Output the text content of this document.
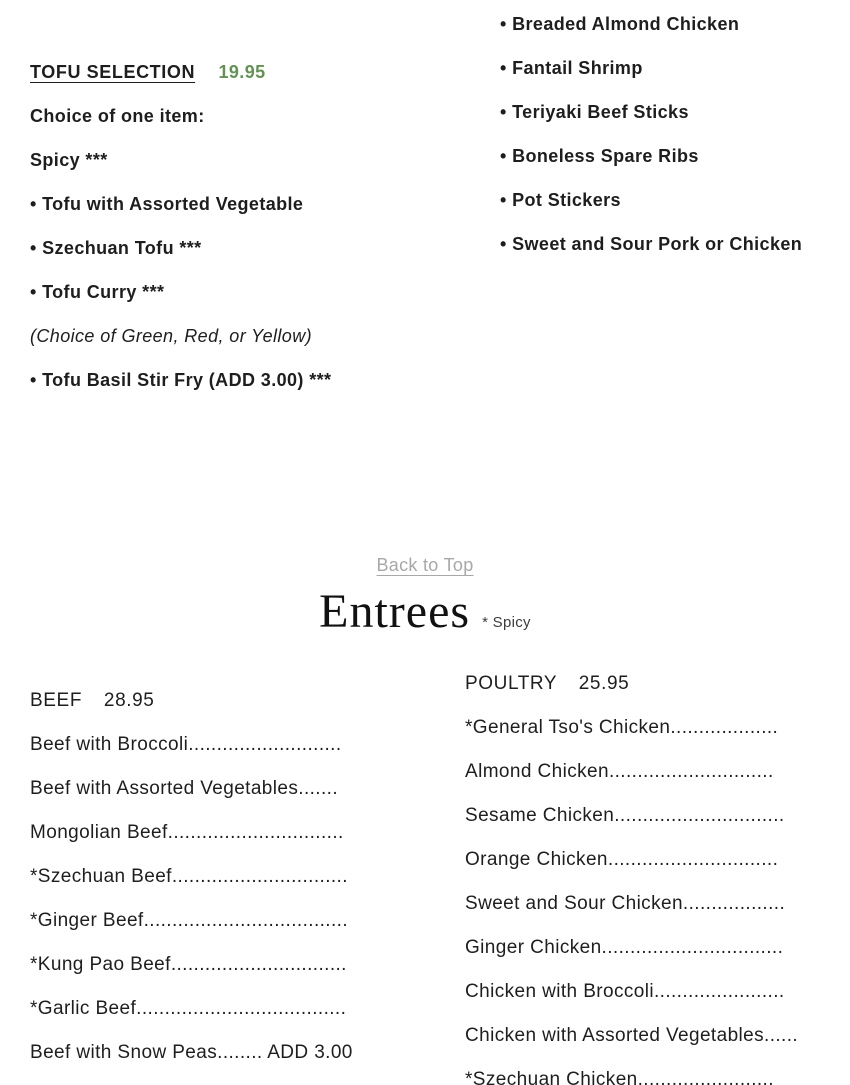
TOFU SELECTION 19.95

Choice of one item:

Spicy ***

• Tofu with Assorted Vegetable

• Szechuan Tofu ***

• Tofu Curry ***

(Choice of Green, Red, or Yellow)

• Tofu Basil Stir Fry (ADD 3.00) ***

• Breaded Almond Chicken

• Fantail Shrimp

• Teriyaki Beef Sticks

• Boneless Spare Ribs

• Pot Stickers

• Sweet and Sour Pork or Chicken

Back to Top
Entrees * Spicy

BEEF 28.95

Beef with Broccoli...........................

Beef with Assorted Vegetables.......

Mongolian Beef...............................

*Szechuan Beef...............................

*Ginger Beef....................................

*Kung Pao Beef...............................

*Garlic Beef.....................................

Beef with Snow Peas........ ADD 3.00

POULTRY 25.95

*General Tso's Chicken...................

Almond Chicken.............................

Sesame Chicken..............................

Orange Chicken..............................

Sweet and Sour Chicken..................

Ginger Chicken................................

Chicken with Broccoli.......................

Chicken with Assorted Vegetables......

*Szechuan Chicken........................
